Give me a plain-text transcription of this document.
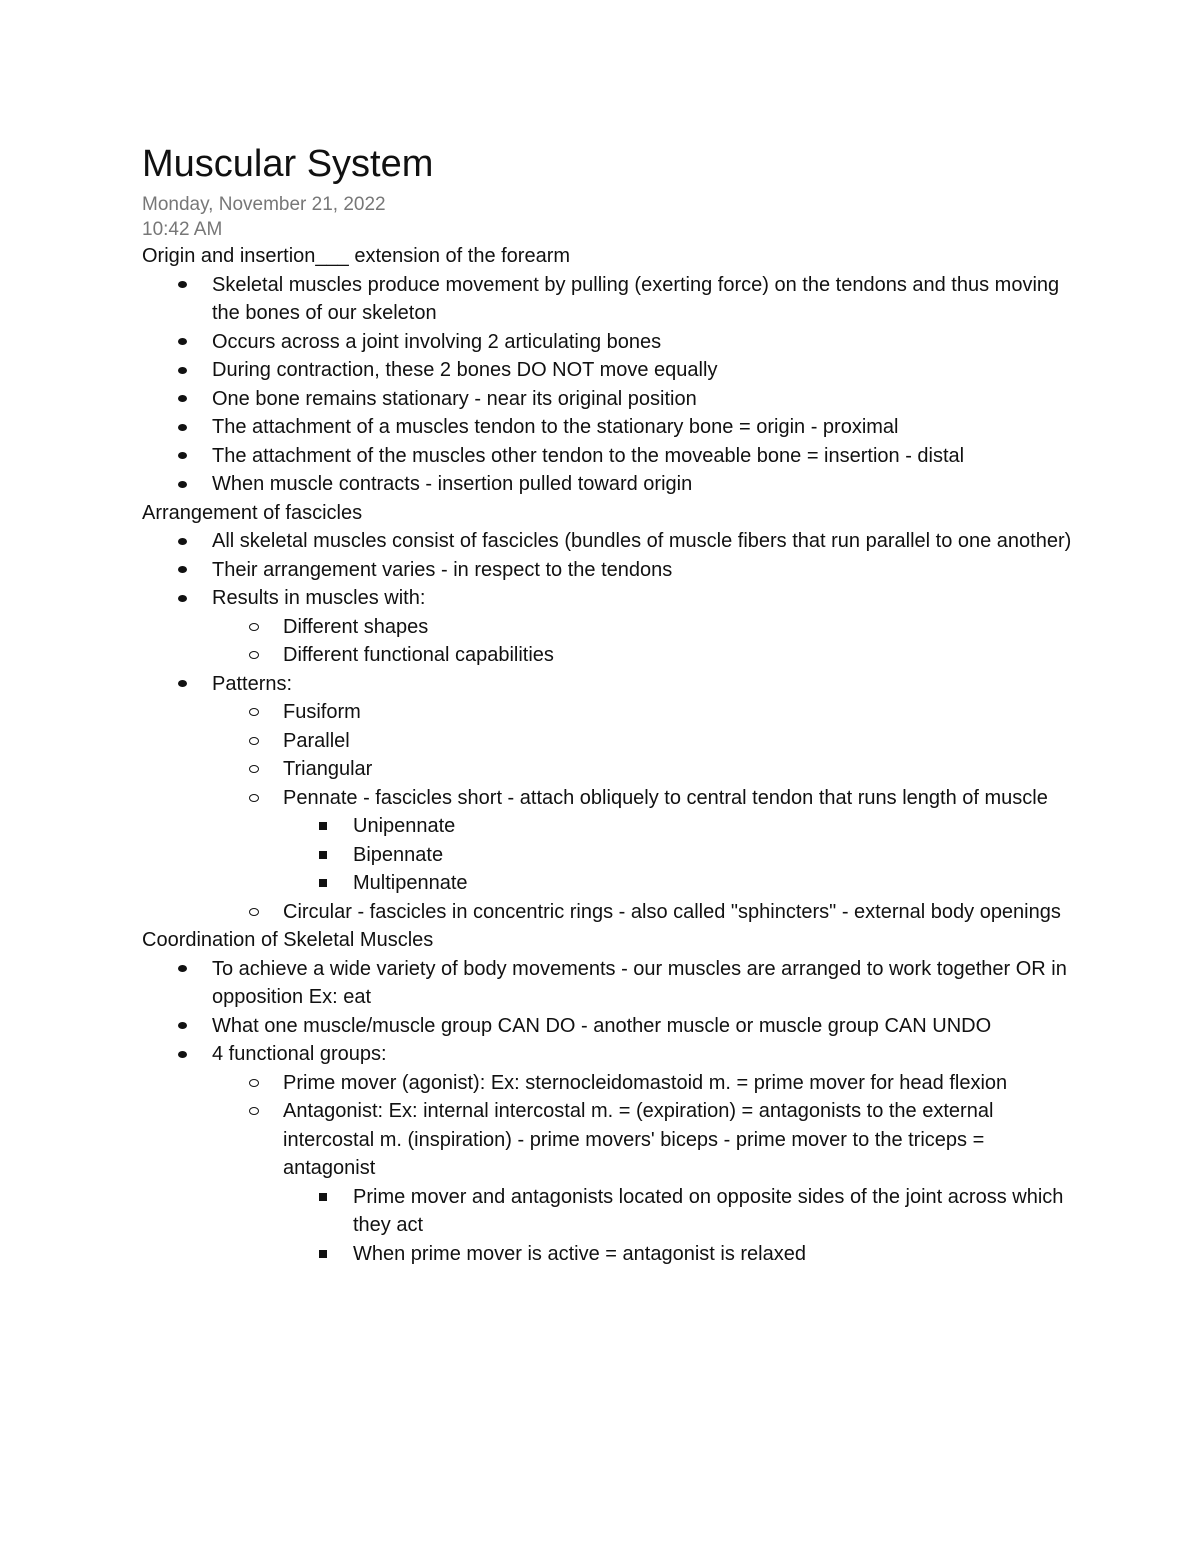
Muscular System
Monday, November 21, 2022
10:42 AM
Origin and insertion___ extension of the forearm
Skeletal muscles produce movement by pulling (exerting force) on the tendons and thus moving the bones of our skeleton
Occurs across a joint involving 2 articulating bones
During contraction, these 2 bones DO NOT move equally
One bone remains stationary - near its original position
The attachment of a muscles tendon to the stationary bone = origin - proximal
The attachment of the muscles other tendon to the moveable bone = insertion - distal
When muscle contracts - insertion pulled toward origin
Arrangement of fascicles
All skeletal muscles consist of fascicles (bundles of muscle fibers that run parallel to one another)
Their arrangement varies - in respect to the tendons
Results in muscles with:
Different shapes
Different functional capabilities
Patterns:
Fusiform
Parallel
Triangular
Pennate - fascicles short - attach obliquely to central tendon that runs length of muscle
Unipennate
Bipennate
Multipennate
Circular - fascicles in concentric rings - also called "sphincters" - external body openings
Coordination of Skeletal Muscles
To achieve a wide variety of body movements - our muscles are arranged to work together OR in opposition Ex: eat
What one muscle/muscle group CAN DO - another muscle or muscle group CAN UNDO
4 functional groups:
Prime mover (agonist): Ex: sternocleidomastoid m. = prime mover for head flexion
Antagonist: Ex: internal intercostal m. = (expiration) = antagonists to the external intercostal m. (inspiration) - prime movers' biceps - prime mover to the triceps = antagonist
Prime mover and antagonists located on opposite sides of the joint across which they act
When prime mover is active = antagonist is relaxed
